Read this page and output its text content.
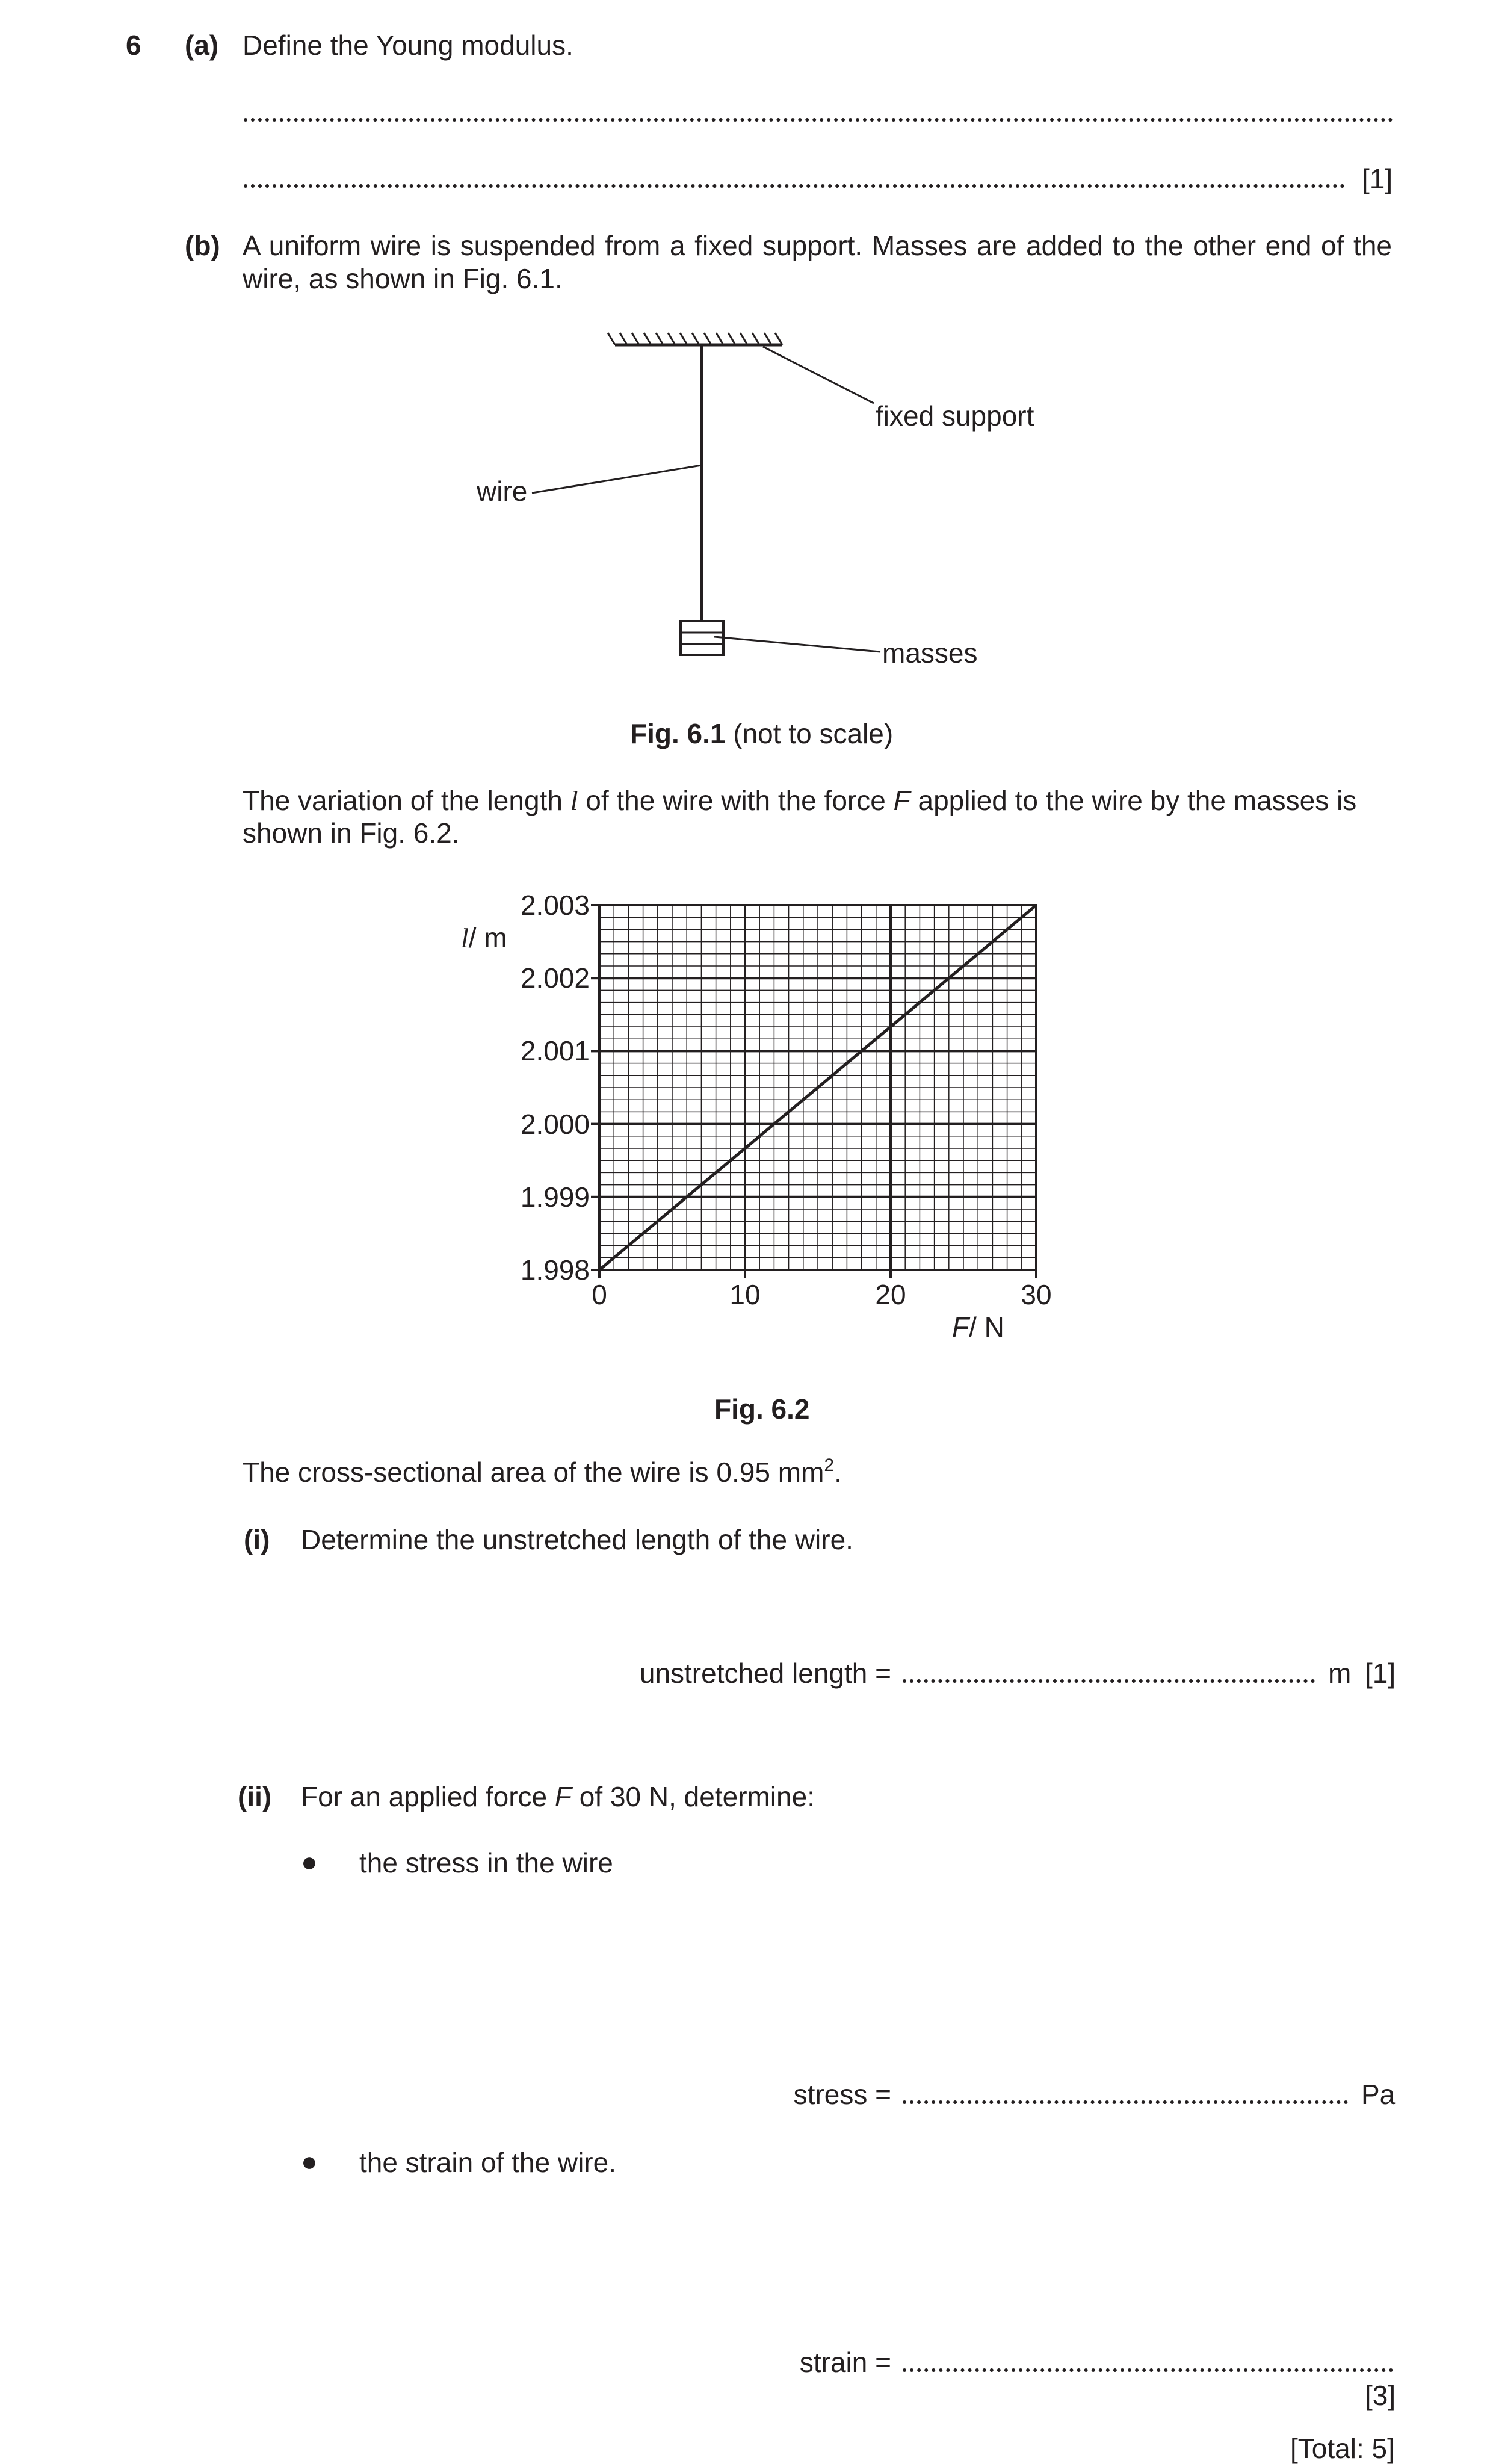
6 (a) Define the Young modulus.
[1]
(b) A uniform wire is suspended from a fixed support. Masses are added to the other end of the
wire, as shown in Fig. 6.1.
fixed support
wire
masses
Fig. 6.1 (not to scale)
The variation of the length l of the wire with the force F applied to the wire by the masses is
shown in Fig. 6.2.
1.998
1.999
2.000
2.001
2.002
2.003
0	10	20	30
l/ m
F/ N
Fig. 6.2
The cross-sectional area of the wire is 0.95 $mm^2$.
(i) Determine the unstretched length of the wire.
unstretched length =	m [1]
(ii) For an applied force F of 30 N, determine:
● the stress in the wire
stress =	Pa
● the strain of the wire.
strain =
[3]
[Total: 5]
